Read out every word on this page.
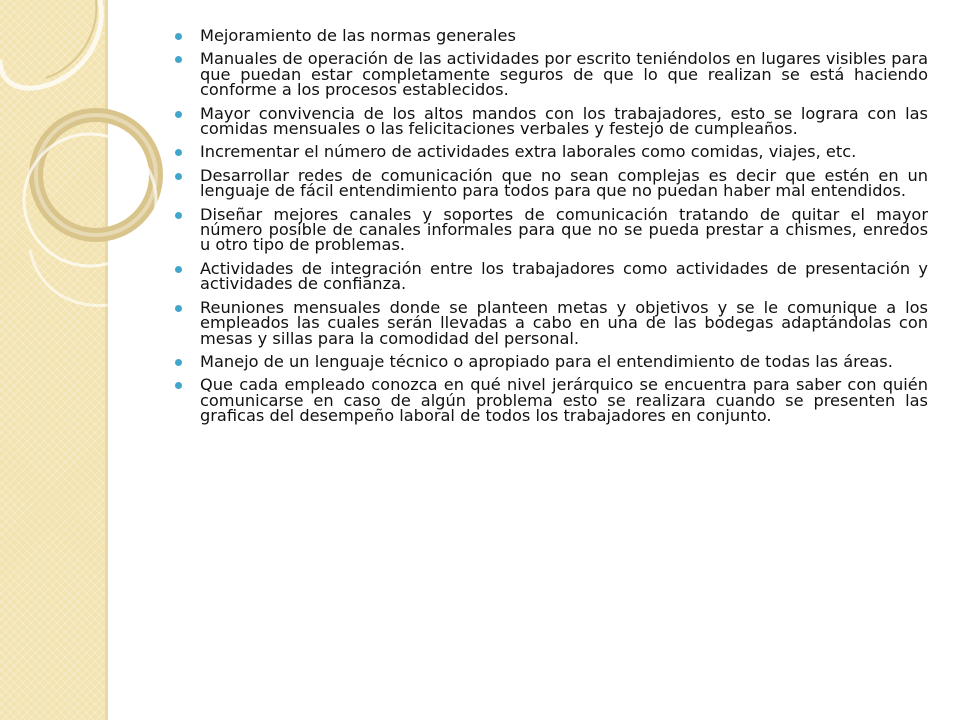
Mejoramiento de las normas generales
Manuales de operación de las actividades por escrito teniéndolos en lugares visibles para que puedan estar completamente seguros de que lo que realizan se está haciendo conforme a los procesos establecidos.
Mayor convivencia de los altos mandos con los trabajadores, esto se lograra con las comidas mensuales o las felicitaciones verbales y festejo de cumpleaños.
Incrementar el número de actividades extra laborales como comidas, viajes, etc.
Desarrollar redes de comunicación que no sean complejas es decir que estén en un lenguaje de fácil entendimiento para todos para que no puedan haber mal entendidos.
Diseñar mejores canales y soportes de comunicación tratando de quitar el mayor número posible de canales informales para que no se pueda prestar a chismes, enredos u otro tipo de problemas.
Actividades de integración entre los trabajadores como actividades de presentación y actividades de confianza.
Reuniones mensuales donde se planteen metas y objetivos y se le comunique a los empleados las cuales serán llevadas a cabo en una de las bodegas adaptándolas con mesas y sillas para la comodidad del personal.
Manejo de un lenguaje técnico o apropiado para el entendimiento de todas las áreas.
Que cada empleado conozca en qué nivel jerárquico se encuentra para saber con quién comunicarse en caso de algún problema esto se realizara cuando se presenten las graficas del desempeño laboral de todos los trabajadores en conjunto.
